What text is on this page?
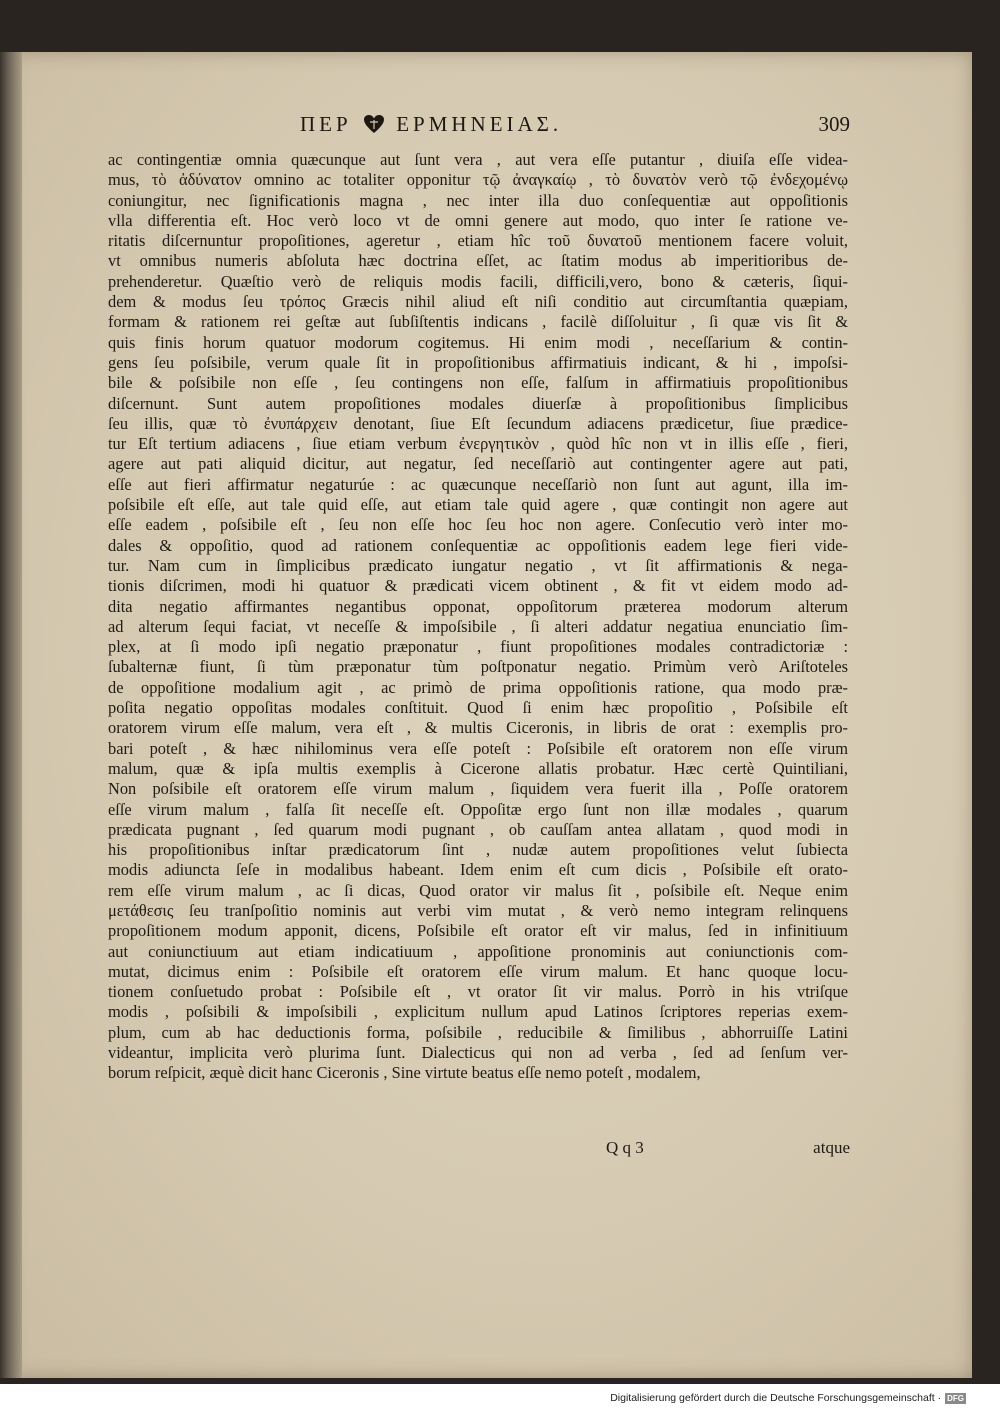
ΠΕΡ ΕΡΜΗΝΕΙΑΣ.	309
ac contingentiæ omnia quæcunque aut ſunt vera , aut vera eſſe putantur , diuiſa eſſe videa-
mus, τὸ ἀδύνατον omnino ac totaliter opponitur τῷ ἀναγκαίῳ , τὸ δυνατὸν verò τῷ ἐνδεχομένῳ
coniungitur, nec ſignificationis magna , nec inter illa duo conſequentiæ aut oppoſitionis
vlla differentia eſt. Hoc verò loco vt de omni genere aut modo, quo inter ſe ratione ve-
ritatis diſcernuntur propoſitiones, ageretur , etiam hîc τοῦ δυνατοῦ mentionem facere voluit,
vt omnibus numeris abſoluta hæc doctrina eſſet, ac ſtatim modus ab imperitioribus de-
prehenderetur. Quæſtio verò de reliquis modis facili, difficili,vero, bono & cæteris, ſiqui-
dem & modus ſeu τρόπος Græcis nihil aliud eſt niſi conditio aut circumſtantia quæpiam,
formam & rationem rei geſtæ aut ſubſiſtentis indicans , facilè diſſoluitur , ſi quæ vis ſit &
quis finis horum quatuor modorum cogitemus. Hi enim modi , neceſſarium & contin-
gens ſeu poſsibile, verum quale ſit in propoſitionibus affirmatiuis indicant, & hi , impoſsi-
bile & poſsibile non eſſe , ſeu contingens non eſſe, falſum in affirmatiuis propoſitionibus
diſcernunt. Sunt autem propoſitiones modales diuerſæ à propoſitionibus ſimplicibus
ſeu illis, quæ τὸ ἐνυπάρχειν denotant, ſiue Eſt ſecundum adiacens prædicetur, ſiue prædice-
tur Eſt tertium adiacens , ſiue etiam verbum ἐνεργητικὸν , quòd hîc non vt in illis eſſe , fieri,
agere aut pati aliquid dicitur, aut negatur, ſed neceſſariò aut contingenter agere aut pati,
eſſe aut fieri affirmatur negaturúe : ac quæcunque neceſſariò non ſunt aut agunt, illa im-
poſsibile eſt eſſe, aut tale quid eſſe, aut etiam tale quid agere , quæ contingit non agere aut
eſſe eadem , poſsibile eſt , ſeu non eſſe hoc ſeu hoc non agere. Conſecutio verò inter mo-
dales & oppoſitio, quod ad rationem conſequentiæ ac oppoſitionis eadem lege fieri vide-
tur. Nam cum in ſimplicibus prædicato iungatur negatio , vt ſit affirmationis & nega-
tionis diſcrimen, modi hi quatuor & prædicati vicem obtinent , & fit vt eidem modo ad-
dita negatio affirmantes negantibus opponat, oppoſitorum præterea modorum alterum
ad alterum ſequi faciat, vt neceſſe & impoſsibile , ſi alteri addatur negatiua enunciatio ſim-
plex, at ſi modo ipſi negatio præponatur , fiunt propoſitiones modales contradictoriæ :
ſubalternæ fiunt, ſi tùm præponatur tùm poſtponatur negatio. Primùm verò Ariſtoteles
de oppoſitione modalium agit , ac primò de prima oppoſitionis ratione, qua modo præ-
poſita negatio oppoſitas modales conſtituit. Quod ſi enim hæc propoſitio , Poſsibile eſt
oratorem virum eſſe malum, vera eſt , & multis Ciceronis, in libris de orat : exemplis pro-
bari poteſt , & hæc nihilominus vera eſſe poteſt : Poſsibile eſt oratorem non eſſe virum
malum, quæ & ipſa multis exemplis à Cicerone allatis probatur. Hæc certè Quintiliani,
Non poſsibile eſt oratorem eſſe virum malum , ſiquidem vera fuerit illa , Poſſe oratorem
eſſe virum malum , falſa ſit neceſſe eſt. Oppoſitæ ergo ſunt non illæ modales , quarum
prædicata pugnant , ſed quarum modi pugnant , ob cauſſam antea allatam , quod modi in
his propoſitionibus inſtar prædicatorum ſint , nudæ autem propoſitiones velut ſubiecta
modis adiuncta ſeſe in modalibus habeant. Idem enim eſt cum dicis , Poſsibile eſt orato-
rem eſſe virum malum , ac ſi dicas, Quod orator vir malus ſit , poſsibile eſt. Neque enim
μετάθεσις ſeu tranſpoſitio nominis aut verbi vim mutat , & verò nemo integram relinquens
propoſitionem modum apponit, dicens, Poſsibile eſt orator eſt vir malus, ſed in infinitiuum
aut coniunctiuum aut etiam indicatiuum , appoſitione pronominis aut coniunctionis com-
mutat, dicimus enim : Poſsibile eſt oratorem eſſe virum malum. Et hanc quoque locu-
tionem conſuetudo probat : Poſsibile eſt , vt orator ſit vir malus. Porrò in his vtriſque
modis , poſsibili & impoſsibili , explicitum nullum apud Latinos ſcriptores reperias exem-
plum, cum ab hac deductionis forma, poſsibile , reducibile & ſimilibus , abhorruiſſe Latini
videantur, implicita verò plurima ſunt. Dialecticus qui non ad verba , ſed ad ſenſum ver-
borum reſpicit, æquè dicit hanc Ciceronis , Sine virtute beatus eſſe nemo poteſt , modalem,
Q q 3	atque
Digitalisierung gefördert durch die Deutsche Forschungsgemeinschaft · DFG
